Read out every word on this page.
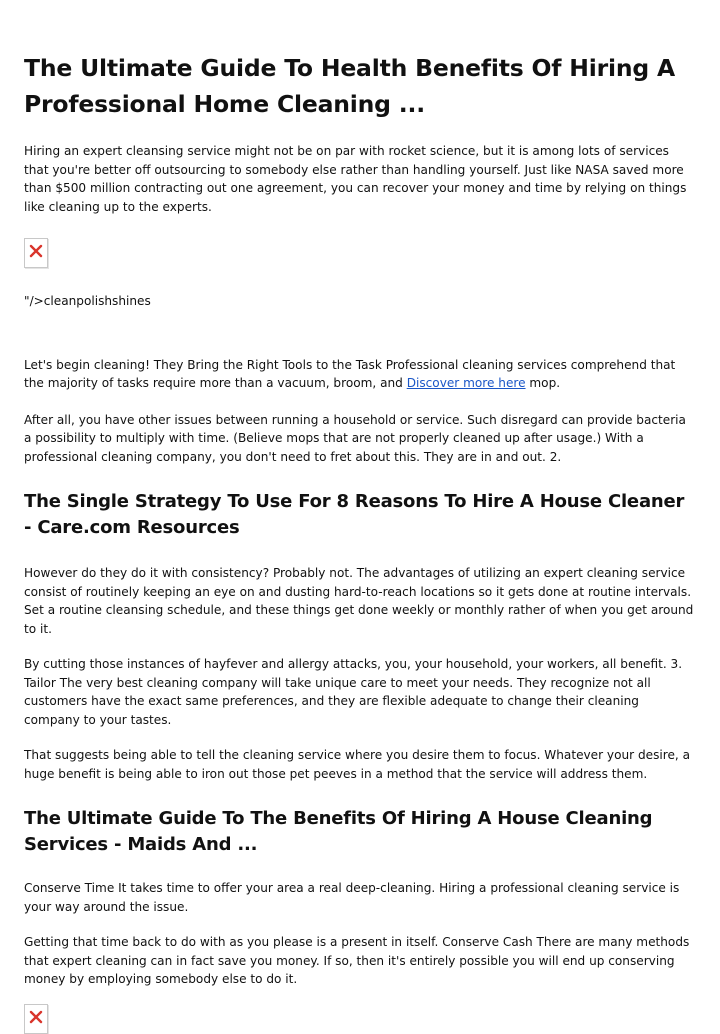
The Ultimate Guide To Health Benefits Of Hiring A Professional Home Cleaning ...

Hiring an expert cleansing service might not be on par with rocket science, but it is among lots of services that you're better off outsourcing to somebody else rather than handling yourself. Just like NASA saved more than $500 million contracting out one agreement, you can recover your money and time by relying on things like cleaning up to the experts.

"/>cleanpolishshines

Let's begin cleaning! They Bring the Right Tools to the Task Professional cleaning services comprehend that the majority of tasks require more than a vacuum, broom, and Discover more here mop.

After all, you have other issues between running a household or service. Such disregard can provide bacteria a possibility to multiply with time. (Believe mops that are not properly cleaned up after usage.) With a professional cleaning company, you don't need to fret about this. They are in and out. 2.

The Single Strategy To Use For 8 Reasons To Hire A House Cleaner - Care.com Resources

However do they do it with consistency? Probably not. The advantages of utilizing an expert cleaning service consist of routinely keeping an eye on and dusting hard-to-reach locations so it gets done at routine intervals. Set a routine cleansing schedule, and these things get done weekly or monthly rather of when you get around to it.

By cutting those instances of hayfever and allergy attacks, you, your household, your workers, all benefit. 3. Tailor The very best cleaning company will take unique care to meet your needs. They recognize not all customers have the exact same preferences, and they are flexible adequate to change their cleaning company to your tastes.

That suggests being able to tell the cleaning service where you desire them to focus. Whatever your desire, a huge benefit is being able to iron out those pet peeves in a method that the service will address them.

The Ultimate Guide To The Benefits Of Hiring A House Cleaning Services - Maids And ...

Conserve Time It takes time to offer your area a real deep-cleaning. Hiring a professional cleaning service is your way around the issue.

Getting that time back to do with as you please is a present in itself. Conserve Cash There are many methods that expert cleaning can in fact save you money. If so, then it's entirely possible you will end up conserving money by employing somebody else to do it.
